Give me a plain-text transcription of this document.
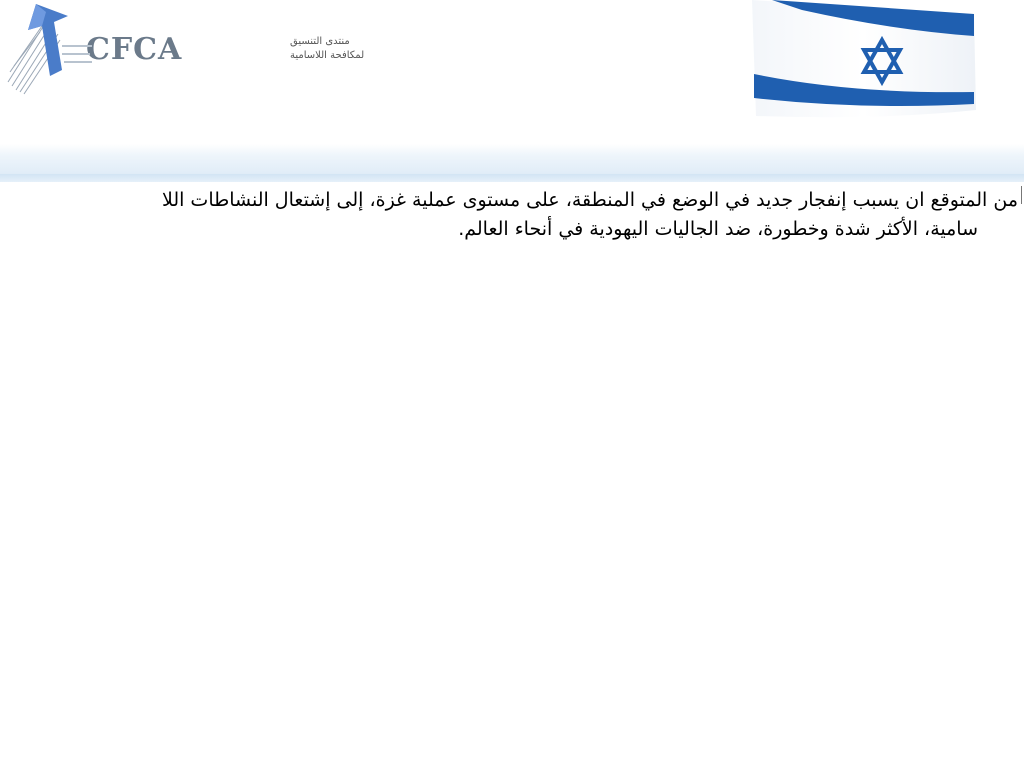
CFCA	منتدى التنسيق
لمكافحة اللاسامية
من المتوقع ان يسبب إنفجار جديد في الوضع في المنطقة، على مستوى عملية غزة، إلى إشتعال النشاطات اللا
سامية، الأكثر شدة وخطورة، ضد الجاليات اليهودية في أنحاء العالم.
